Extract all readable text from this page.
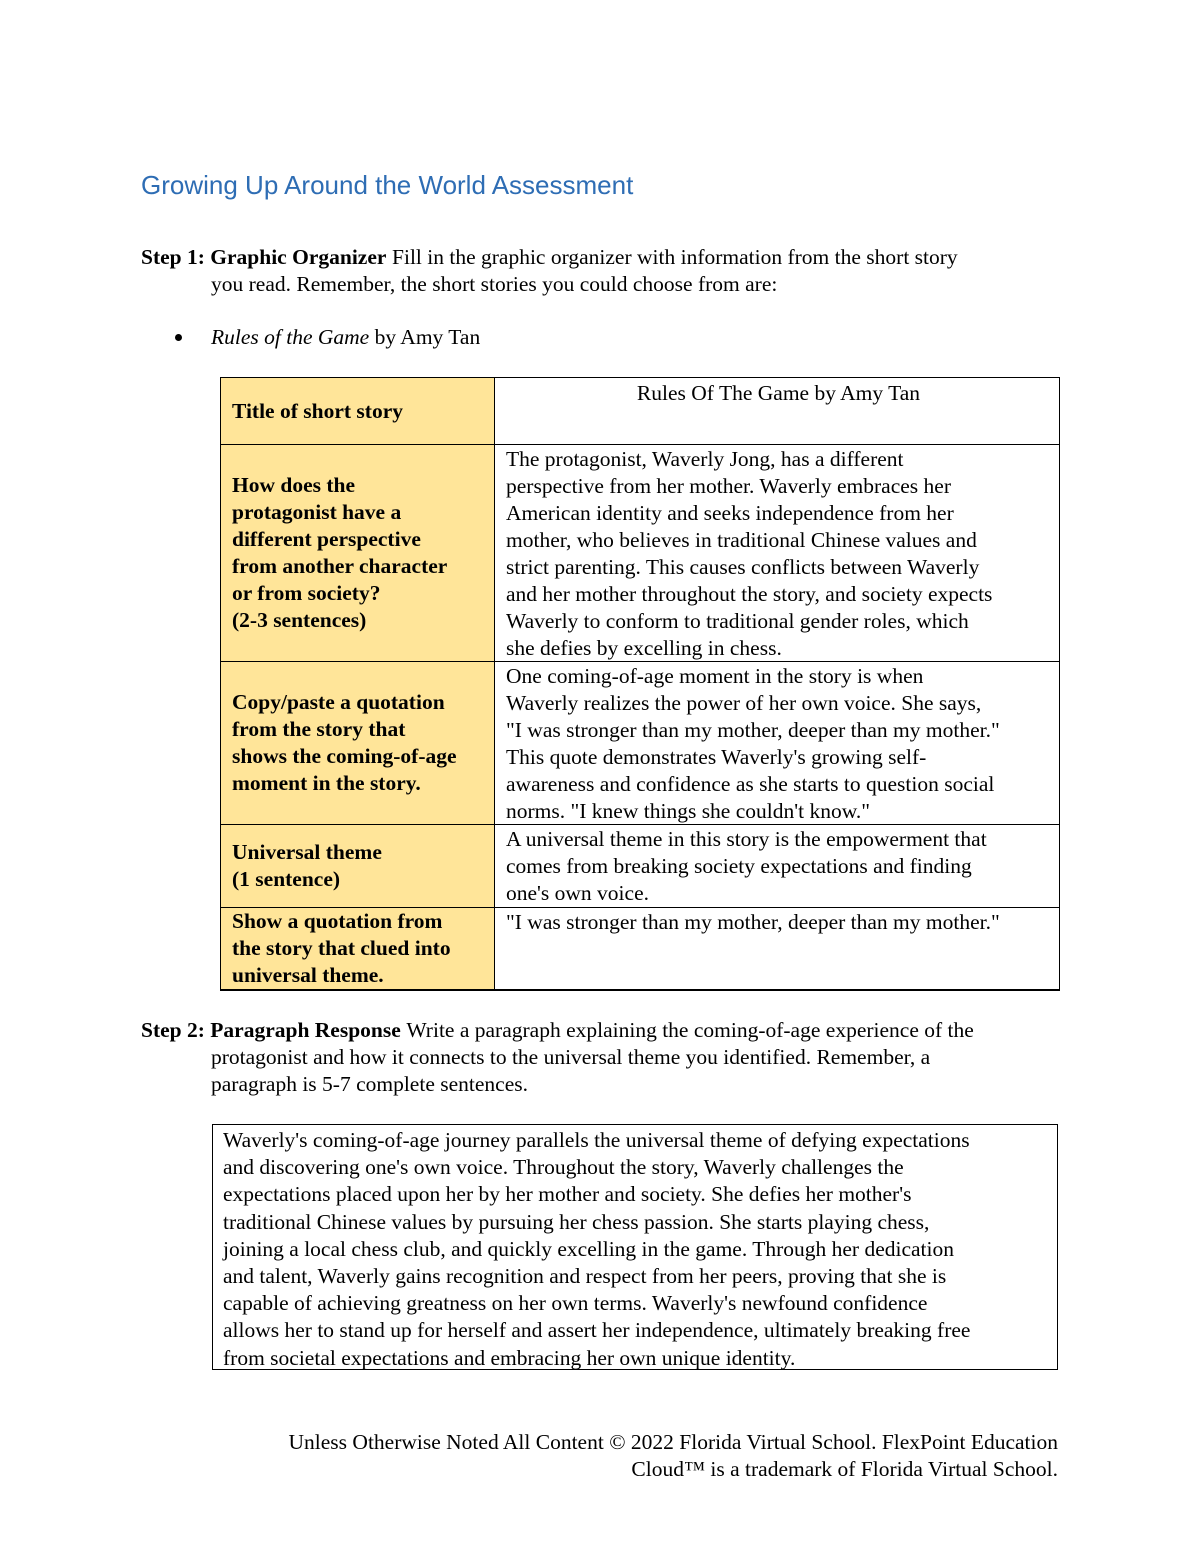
Growing Up Around the World Assessment
Step 1: Graphic Organizer Fill in the graphic organizer with information from the short story
you read. Remember, the short stories you could choose from are:
Rules of the Game by Amy Tan
Title of short story
Rules Of The Game by Amy Tan
How does the
protagonist have a
different perspective
from another character
or from society?
(2-3 sentences)
The protagonist, Waverly Jong, has a different
perspective from her mother. Waverly embraces her
American identity and seeks independence from her
mother, who believes in traditional Chinese values and
strict parenting. This causes conflicts between Waverly
and her mother throughout the story, and society expects
Waverly to conform to traditional gender roles, which
she defies by excelling in chess.
Copy/paste a quotation
from the story that
shows the coming-of-age
moment in the story.
One coming-of-age moment in the story is when
Waverly realizes the power of her own voice. She says,
"I was stronger than my mother, deeper than my mother."
This quote demonstrates Waverly's growing self-
awareness and confidence as she starts to question social
norms. "I knew things she couldn't know."
Universal theme
(1 sentence)
A universal theme in this story is the empowerment that
comes from breaking society expectations and finding
one's own voice.
Show a quotation from
the story that clued into
universal theme.
"I was stronger than my mother, deeper than my mother."
Step 2: Paragraph Response Write a paragraph explaining the coming-of-age experience of the
protagonist and how it connects to the universal theme you identified. Remember, a
paragraph is 5-7 complete sentences.
Waverly's coming-of-age journey parallels the universal theme of defying expectations
and discovering one's own voice. Throughout the story, Waverly challenges the
expectations placed upon her by her mother and society. She defies her mother's
traditional Chinese values by pursuing her chess passion. She starts playing chess,
joining a local chess club, and quickly excelling in the game. Through her dedication
and talent, Waverly gains recognition and respect from her peers, proving that she is
capable of achieving greatness on her own terms. Waverly's newfound confidence
allows her to stand up for herself and assert her independence, ultimately breaking free
from societal expectations and embracing her own unique identity.
Unless Otherwise Noted All Content © 2022 Florida Virtual School. FlexPoint Education
Cloud™ is a trademark of Florida Virtual School.
